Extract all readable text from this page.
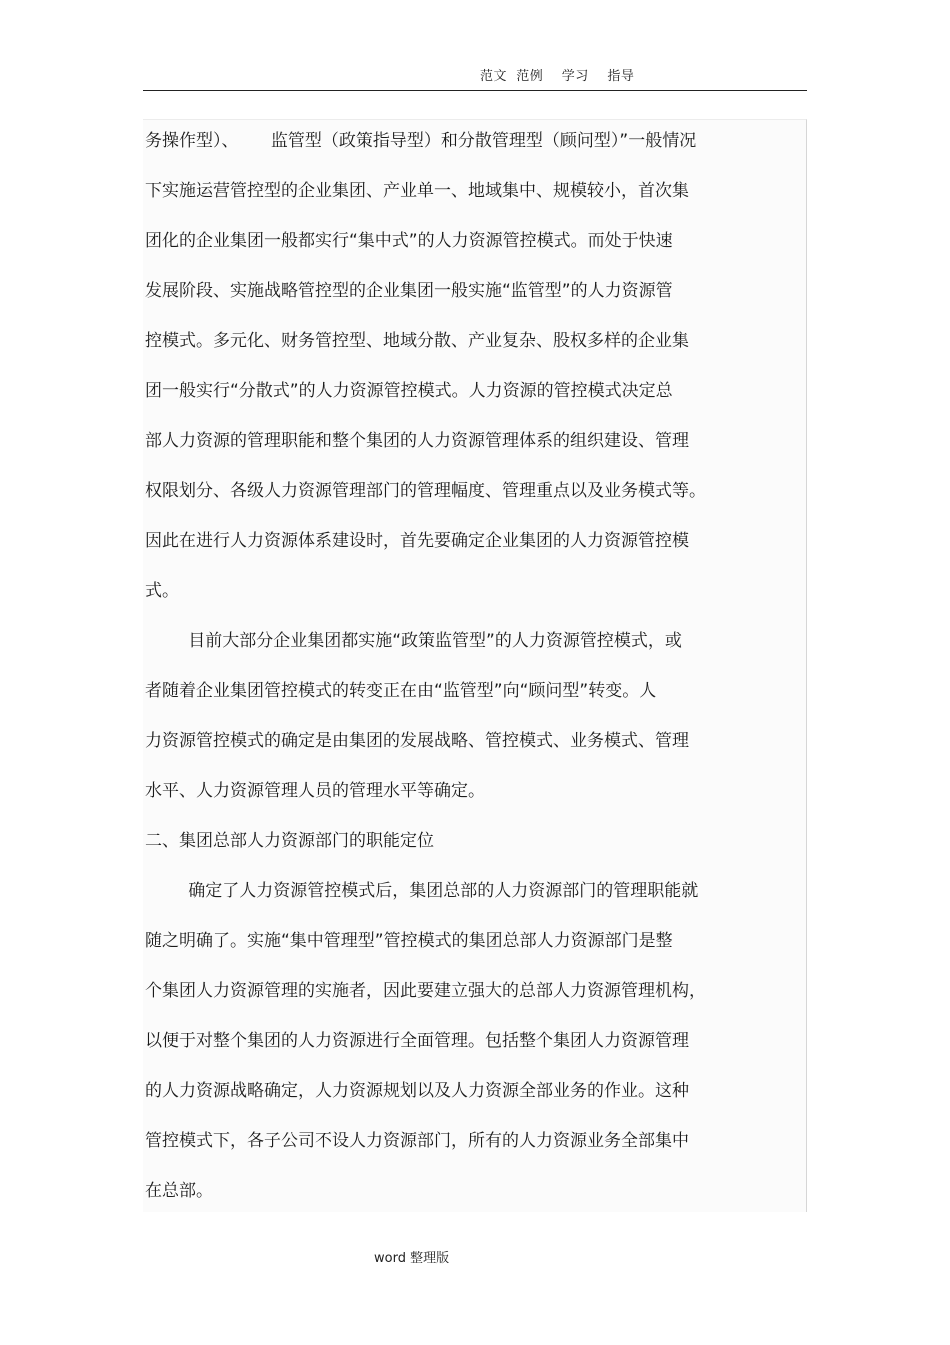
范文  范例    学习    指导
务操作型）、      监管型（政策指导型）和分散管理型（顾问型）”一般情况
下实施运营管控型的企业集团、产业单一、地域集中、规模较小，首次集
团化的企业集团一般都实行“集中式”的人力资源管控模式。而处于快速
发展阶段、实施战略管控型的企业集团一般实施“监管型”的人力资源管
控模式。多元化、财务管控型、地域分散、产业复杂、股权多样的企业集
团一般实行“分散式”的人力资源管控模式。人力资源的管控模式决定总
部人力资源的管理职能和整个集团的人力资源管理体系的组织建设、管理
权限划分、各级人力资源管理部门的管理幅度、管理重点以及业务模式等。
因此在进行人力资源体系建设时，首先要确定企业集团的人力资源管控模
式。
目前大部分企业集团都实施“政策监管型”的人力资源管控模式，或
者随着企业集团管控模式的转变正在由“监管型”向“顾问型”转变。人
力资源管控模式的确定是由集团的发展战略、管控模式、业务模式、管理
水平、人力资源管理人员的管理水平等确定。
二、集团总部人力资源部门的职能定位
确定了人力资源管控模式后，集团总部的人力资源部门的管理职能就
随之明确了。实施“集中管理型”管控模式的集团总部人力资源部门是整
个集团人力资源管理的实施者，因此要建立强大的总部人力资源管理机构，
以便于对整个集团的人力资源进行全面管理。包括整个集团人力资源管理
的人力资源战略确定，人力资源规划以及人力资源全部业务的作业。这种
管控模式下，各子公司不设人力资源部门，所有的人力资源业务全部集中
在总部。
word 整理版
